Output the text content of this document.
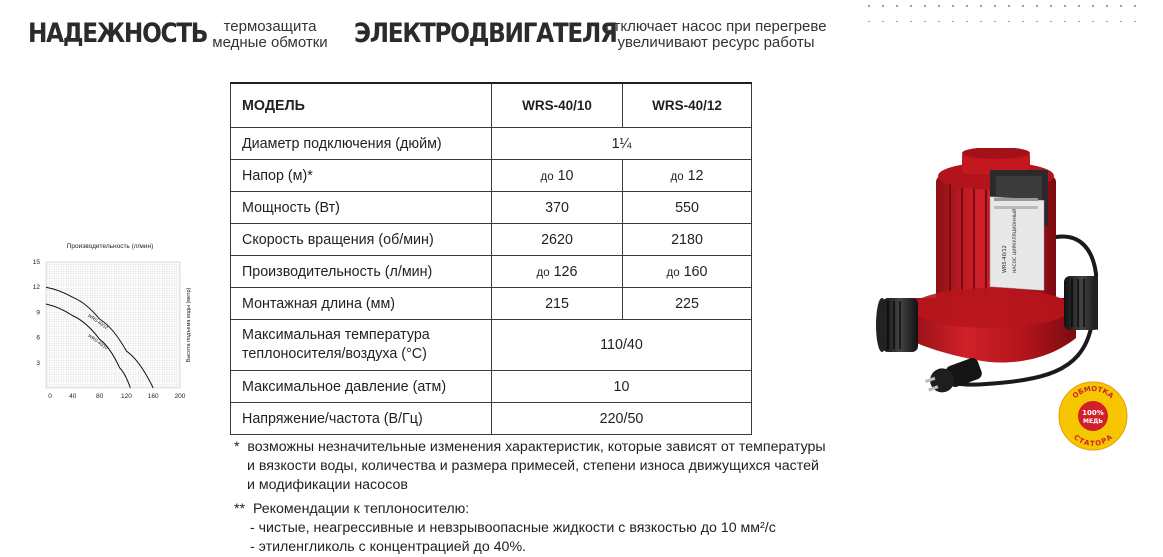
НАДЕЖНОСТЬ	термозащита
медные обмотки ЭЛЕКТРОДВИГАТЕЛЯ
отключает насос при перегреве
увеличивают ресурс работы
МОДЕЛЬ	WRS-40/10	WRS-40/12
Диаметр подключения (дюйм)	1¼	
Напор (м)*	до 10	до 12
Мощность (Вт)	370	550
Скорость вращения (об/мин)	2620	2180
Производительность (л/мин)	до 126	до 160
Монтажная длина (мм)	215	225

Максимальная температура
теплоносителя/воздуха (°С)	110/40	
Максимальное давление (атм)	10	
Напряжение/частота (В/Гц)	220/50	
* возможны незначительные изменения характеристик, которые зависят от температуры
и вязкости воды, количества и размера примесей, степени износа движущихся частей
и модификации насосов
** Рекомендации к теплоносителю:
- чистые, неагрессивные и невзрывоопасные жидкости с вязкостью до 10 мм²/с
- этиленгликоль с концентрацией до 40%.
Производительность (л/мин)
0	40	80	120 160 200
15
12
9
6
3
WRS-40/12
WRS-40/10	Высота подъема воды (метр)
WRS-40/12	НАСОС ЦИРКУЛЯЦИОННЫЙ
ОБМОТКА
СТАТОРА
100%
МЕДЬ
